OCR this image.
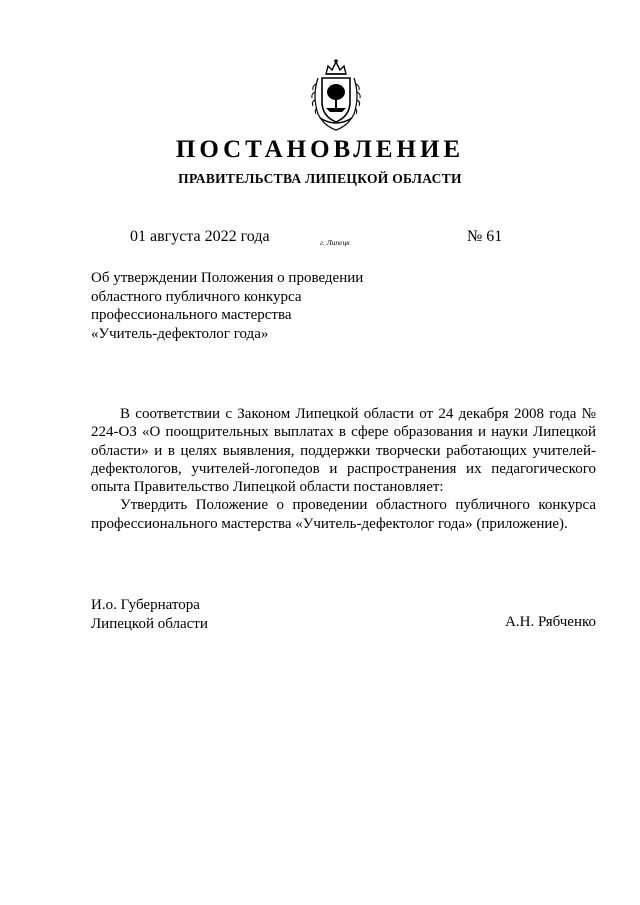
ПОСТАНОВЛЕНИЕ
ПРАВИТЕЛЬСТВА ЛИПЕЦКОЙ ОБЛАСТИ
01 августа 2022 года	г. Липецк	№ 61
Об утверждении Положения о проведении
областного публичного конкурса
профессионального мастерства
«Учитель-дефектолог года»

В соответствии с Законом Липецкой области от 24 декабря 2008 года № 224-ОЗ «О поощрительных выплатах в сфере образования и науки Липецкой области» и в целях выявления, поддержки творчески работающих учителей-дефектологов, учителей-логопедов и распространения их педагогического опыта Правительство Липецкой области постановляет:

Утвердить Положение о проведении областного публичного конкурса профессионального мастерства «Учитель-дефектолог года» (приложение).

И.о. Губернатора
Липецкой области	А.Н. Рябченко
